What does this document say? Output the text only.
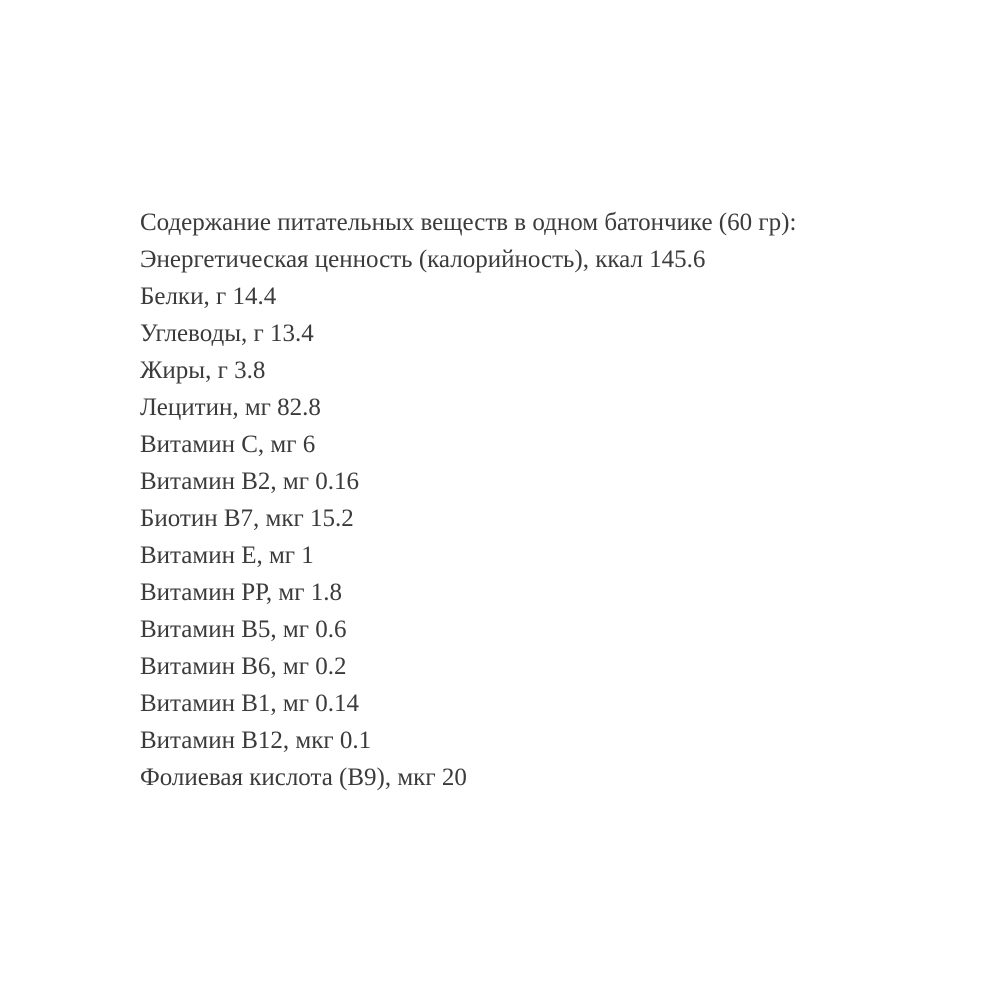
Содержание питательных веществ в одном батончике (60 гр):
Энергетическая ценность (калорийность), ккал 145.6
Белки, г 14.4
Углеводы, г 13.4
Жиры, г 3.8
Лецитин, мг 82.8
Витамин С, мг 6
Витамин В2, мг 0.16
Биотин В7, мкг 15.2
Витамин Е, мг 1
Витамин РР, мг 1.8
Витамин В5, мг 0.6
Витамин В6, мг 0.2
Витамин В1, мг 0.14
Витамин В12, мкг 0.1
Фолиевая кислота (В9), мкг 20
